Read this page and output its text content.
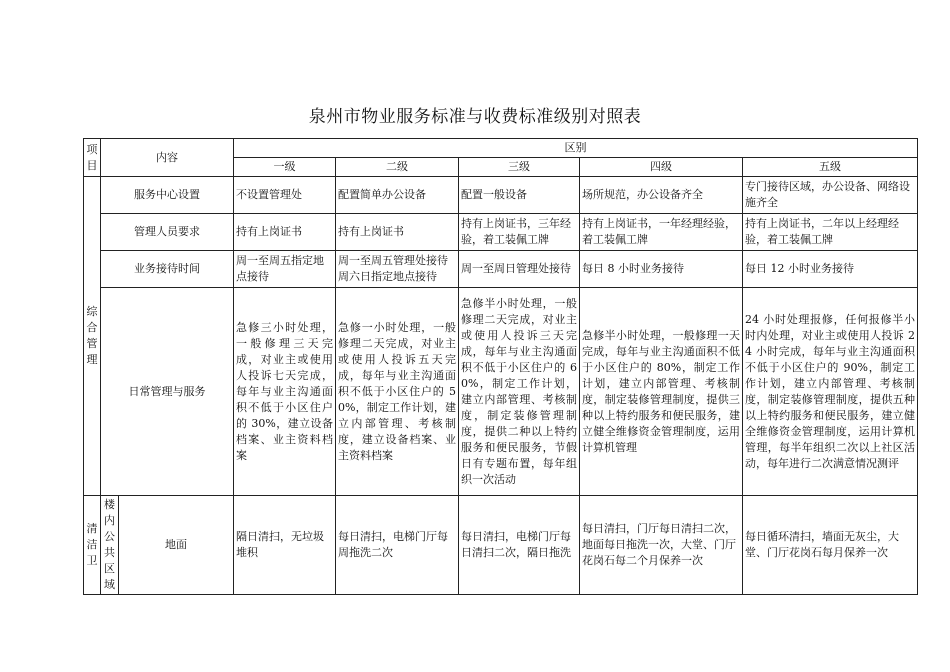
泉州市物业服务标准与收费标准级别对照表
项目	内容		区别				
			一级	二级	三级	四级	五级

综合管理	服务中心设置		不设置管理处	配置简单办公设备	配置一般设备	场所规范，办公设备齐全	专门接待区域，办公设备、网络设施齐全
	管理人员要求		持有上岗证书	持有上岗证书	持有上岗证书，三年经验，着工装佩工牌	持有上岗证书，一年经理经验，着工装佩工牌	持有上岗证书，二年以上经理经验，着工装佩工牌
	业务接待时间		周一至周五指定地点接待	周一至周五管理处接待周六日指定地点接待	周一至周日管理处接待	每日 8 小时业务接待	每日 12 小时业务接待
	日常管理与服务		急修三小时处理，一般修理三天完成，对业主或使用人投诉七天完成，每年与业主沟通面积不低于小区住户的 30%，建立设备档案、业主资料档案	急修一小时处理，一般修理二天完成，对业主或使用人投诉五天完成，每年与业主沟通面积不低于小区住户的 50%，制定工作计划，建立内部管理、考核制度，建立设备档案、业主资料档案	急修半小时处理，一般修理二天完成，对业主或使用人投诉三天完成，每年与业主沟通面积不低于小区住户的 60%，制定工作计划，建立内部管理、考核制度，制定装修管理制度，提供二种以上特约服务和便民服务，节假日有专题布置，每年组织一次活动	急修半小时处理，一般修理一天完成，每年与业主沟通面积不低于小区住户的 80%，制定工作计划，建立内部管理、考核制度，制定装修管理制度，提供三种以上特约服务和便民服务，建立健全维修资金管理制度，运用计算机管理	24 小时处理报修，任何报修半小时内处理，对业主或使用人投诉 24 小时完成，每年与业主沟通面积不低于小区住户的 90%，制定工作计划，建立内部管理、考核制度，制定装修管理制度，提供五种以上特约服务和便民服务，建立健全维修资金管理制度，运用计算机管理，每半年组织二次以上社区活动，每年进行二次满意情况测评

清洁卫	楼内公共区域	地面	隔日清扫，无垃圾堆积	每日清扫，电梯门厅每周拖洗二次	每日清扫，电梯门厅每日清扫二次，隔日拖洗	每日清扫，门厅每日清扫二次，地面每日拖洗一次，大堂、门厅花岗石每二个月保养一次	每日循环清扫，墙面无灰尘，大堂、门厅花岗石每月保养一次
